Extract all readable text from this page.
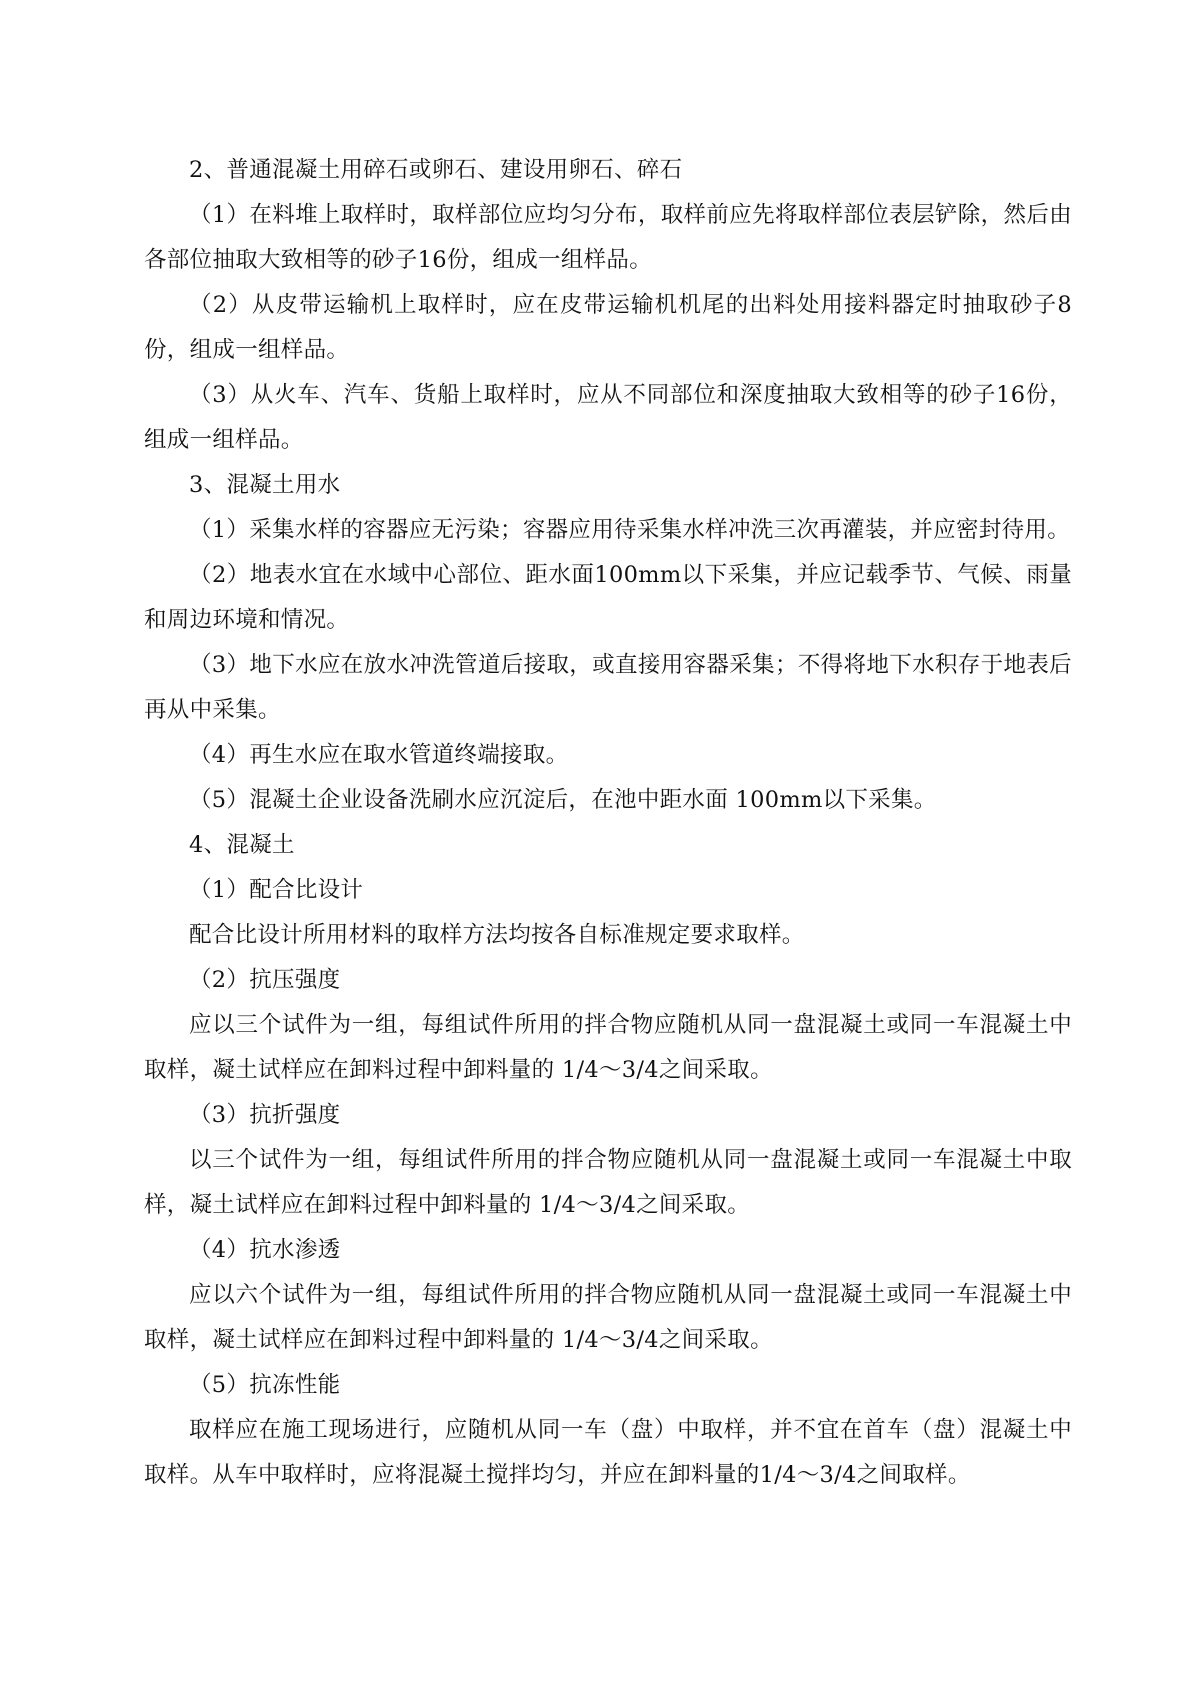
2、普通混凝土用碎石或卵石、建设用卵石、碎石

（1）在料堆上取样时，取样部位应均匀分布，取样前应先将取样部位表层铲除，然后由各部位抽取大致相等的砂子16份，组成一组样品。

（2）从皮带运输机上取样时，应在皮带运输机机尾的出料处用接料器定时抽取砂子8份，组成一组样品。

（3）从火车、汽车、货船上取样时，应从不同部位和深度抽取大致相等的砂子16份，组成一组样品。

3、混凝土用水

（1）采集水样的容器应无污染；容器应用待采集水样冲洗三次再灌装，并应密封待用。

（2）地表水宜在水域中心部位、距水面100mm以下采集，并应记载季节、气候、雨量和周边环境和情况。

（3）地下水应在放水冲洗管道后接取，或直接用容器采集；不得将地下水积存于地表后再从中采集。

（4）再生水应在取水管道终端接取。

（5）混凝土企业设备洗刷水应沉淀后，在池中距水面 100mm以下采集。

4、混凝土

（1）配合比设计

配合比设计所用材料的取样方法均按各自标准规定要求取样。

（2）抗压强度

应以三个试件为一组，每组试件所用的拌合物应随机从同一盘混凝土或同一车混凝土中取样，凝土试样应在卸料过程中卸料量的 1/4～3/4之间采取。

（3）抗折强度

以三个试件为一组，每组试件所用的拌合物应随机从同一盘混凝土或同一车混凝土中取样，凝土试样应在卸料过程中卸料量的 1/4～3/4之间采取。

（4）抗水渗透

应以六个试件为一组，每组试件所用的拌合物应随机从同一盘混凝土或同一车混凝土中取样，凝土试样应在卸料过程中卸料量的 1/4～3/4之间采取。

（5）抗冻性能

取样应在施工现场进行，应随机从同一车（盘）中取样，并不宜在首车（盘）混凝土中取样。从车中取样时，应将混凝土搅拌均匀，并应在卸料量的1/4～3/4之间取样。
